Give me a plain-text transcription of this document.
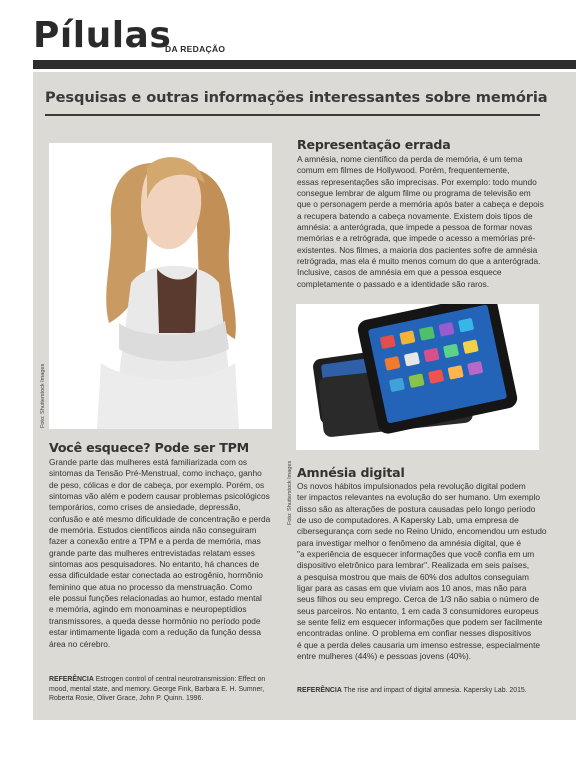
Pílulas
DA REDAÇÃO
Pesquisas e outras informações interessantes sobre memória
Foto: Shutterstock Images
Representação errada
A amnésia, nome científico da perda de memória, é um tema
comum em filmes de Hollywood. Porém, frequentemente,
essas representações são imprecisas. Por exemplo: todo mundo
consegue lembrar de algum filme ou programa de televisão em
que o personagem perde a memória após bater a cabeça e depois
a recupera batendo a cabeça novamente. Existem dois tipos de
amnésia: a anterógrada, que impede a pessoa de formar novas
memórias e a retrógrada, que impede o acesso a memórias pré-
existentes. Nos filmes, a maioria dos pacientes sofre de amnésia
retrógrada, mas ela é muito menos comum do que a anterógrada.
Inclusive, casos de amnésia em que a pessoa esquece
completamente o passado e a identidade são raros.
Foto: Shutterstock Images
Você esquece? Pode ser TPM
Grande parte das mulheres está familiarizada com os
sintomas da Tensão Pré-Menstrual, como inchaço, ganho
de peso, cólicas e dor de cabeça, por exemplo. Porém, os
sintomas vão além e podem causar problemas psicológicos
temporários, como crises de ansiedade, depressão,
confusão e até mesmo dificuldade de concentração e perda
de memória. Estudos científicos ainda não conseguiram
fazer a conexão entre a TPM e a perda de memória, mas
grande parte das mulheres entrevistadas relatam esses
sintomas aos pesquisadores. No entanto, há chances de
essa dificuldade estar conectada ao estrogênio, hormônio
feminino que atua no processo da menstruação. Como
ele possui funções relacionadas ao humor, estado mental
e memória, agindo em monoaminas e neuropeptídios
transmissores, a queda desse hormônio no período pode
estar intimamente ligada com a redução da função dessa
área no cérebro.
REFERÊNCIA Estrogen control of central neurotransmission: Effect on
mood, mental state, and memory. George Fink, Barbara E. H. Sumner,
Roberta Rosie, Oliver Grace, John P. Quinn. 1996.
Amnésia digital
Os novos hábitos impulsionados pela revolução digital podem
ter impactos relevantes na evolução do ser humano. Um exemplo
disso são as alterações de postura causadas pelo longo período
de uso de computadores. A Kapersky Lab, uma empresa de
cibersegurança com sede no Reino Unido, encomendou um estudo
para investigar melhor o fenômeno da amnésia digital, que é
"a experiência de esquecer informações que você confia em um
dispositivo eletrônico para lembrar". Realizada em seis países,
a pesquisa mostrou que mais de 60% dos adultos conseguiam
ligar para as casas em que viviam aos 10 anos, mas não para
seus filhos ou seu emprego. Cerca de 1/3 não sabia o número de
seus parceiros. No entanto, 1 em cada 3 consumidores europeus
se sente feliz em esquecer informações que podem ser facilmente
encontradas online. O problema em confiar nesses dispositivos
é que a perda deles causaria um imenso estresse, especialmente
entre mulheres (44%) e pessoas jovens (40%).
REFERÊNCIA The rise and impact of digital amnesia. Kapersky Lab. 2015.
